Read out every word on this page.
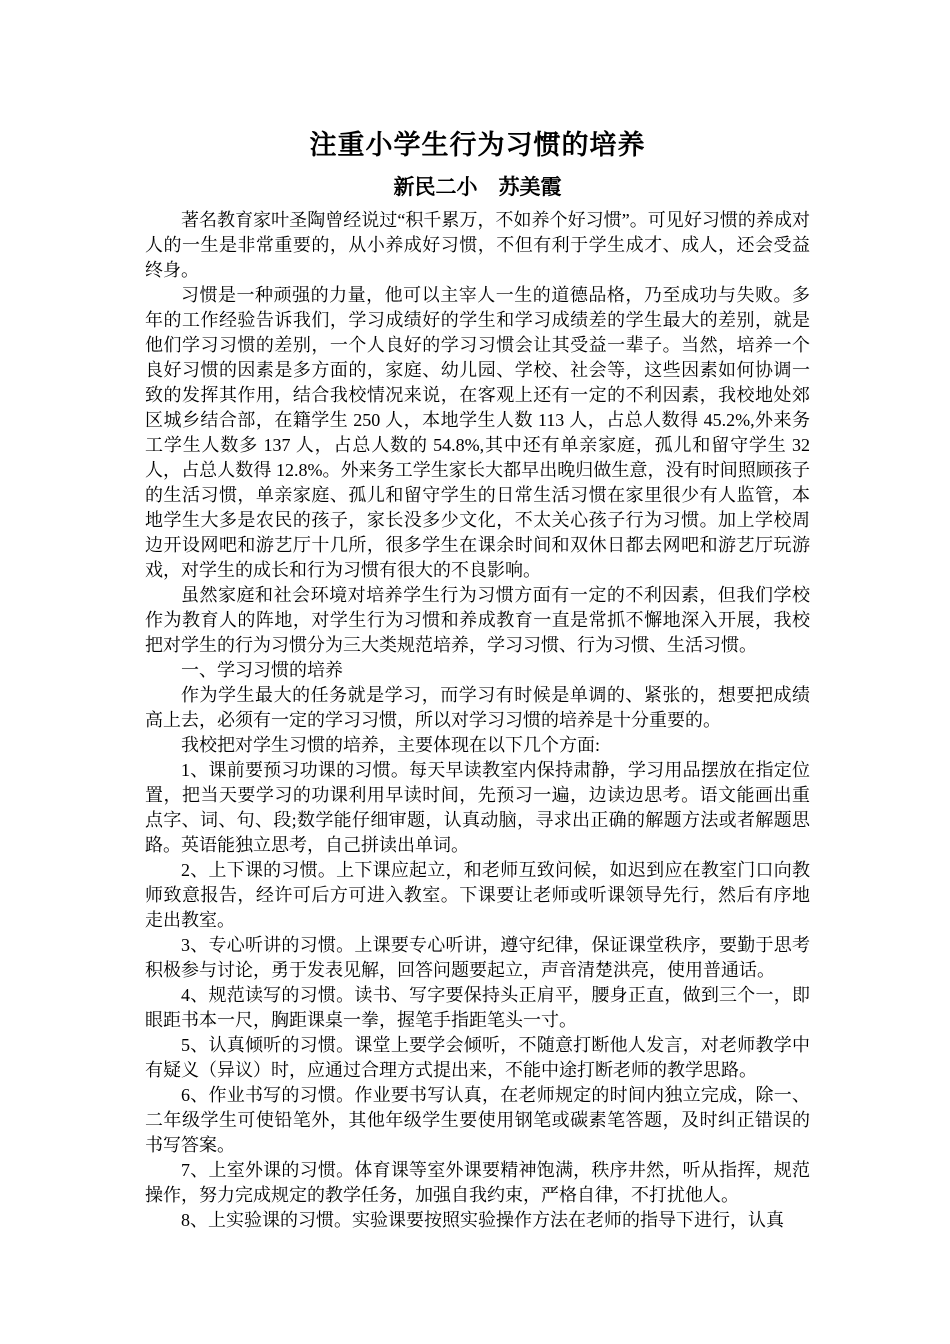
注重小学生行为习惯的培养
新民二小　苏美霞

著名教育家叶圣陶曾经说过“积千累万，不如养个好习惯”。可见好习惯的养成对人的一生是非常重要的，从小养成好习惯，不但有利于学生成才、成人，还会受益终身。

习惯是一种顽强的力量，他可以主宰人一生的道德品格，乃至成功与失败。多年的工作经验告诉我们，学习成绩好的学生和学习成绩差的学生最大的差别，就是他们学习习惯的差别，一个人良好的学习习惯会让其受益一辈子。当然，培养一个良好习惯的因素是多方面的，家庭、幼儿园、学校、社会等，这些因素如何协调一致的发挥其作用，结合我校情况来说，在客观上还有一定的不利因素，我校地处郊区城乡结合部，在籍学生 250 人，本地学生人数 113 人，占总人数得 45.2%,外来务工学生人数多 137 人，占总人数的 54.8%,其中还有单亲家庭，孤儿和留守学生 32 人，占总人数得 12.8%。外来务工学生家长大都早出晚归做生意，没有时间照顾孩子的生活习惯，单亲家庭、孤儿和留守学生的日常生活习惯在家里很少有人监管，本地学生大多是农民的孩子，家长没多少文化，不太关心孩子行为习惯。加上学校周边开设网吧和游艺厅十几所，很多学生在课余时间和双休日都去网吧和游艺厅玩游戏，对学生的成长和行为习惯有很大的不良影响。

虽然家庭和社会环境对培养学生行为习惯方面有一定的不利因素，但我们学校作为教育人的阵地，对学生行为习惯和养成教育一直是常抓不懈地深入开展，我校把对学生的行为习惯分为三大类规范培养，学习习惯、行为习惯、生活习惯。

一、学习习惯的培养

作为学生最大的任务就是学习，而学习有时候是单调的、紧张的，想要把成绩高上去，必须有一定的学习习惯，所以对学习习惯的培养是十分重要的。

我校把对学生习惯的培养，主要体现在以下几个方面:

1、课前要预习功课的习惯。每天早读教室内保持肃静，学习用品摆放在指定位置，把当天要学习的功课利用早读时间，先预习一遍，边读边思考。语文能画出重点字、词、句、段;数学能仔细审题，认真动脑，寻求出正确的解题方法或者解题思路。英语能独立思考，自己拼读出单词。

2、上下课的习惯。上下课应起立，和老师互致问候，如迟到应在教室门口向教师致意报告，经许可后方可进入教室。下课要让老师或听课领导先行，然后有序地走出教室。

3、专心听讲的习惯。上课要专心听讲，遵守纪律，保证课堂秩序，要勤于思考积极参与讨论，勇于发表见解，回答问题要起立，声音清楚洪亮，使用普通话。

4、规范读写的习惯。读书、写字要保持头正肩平，腰身正直，做到三个一，即眼距书本一尺，胸距课桌一拳，握笔手指距笔头一寸。

5、认真倾听的习惯。课堂上要学会倾听，不随意打断他人发言，对老师教学中有疑义（异议）时，应通过合理方式提出来，不能中途打断老师的教学思路。

6、作业书写的习惯。作业要书写认真，在老师规定的时间内独立完成，除一、二年级学生可使铅笔外，其他年级学生要使用钢笔或碳素笔答题，及时纠正错误的书写答案。

7、上室外课的习惯。体育课等室外课要精神饱满，秩序井然，听从指挥，规范操作，努力完成规定的教学任务，加强自我约束，严格自律，不打扰他人。

8、上实验课的习惯。实验课要按照实验操作方法在老师的指导下进行，认真
